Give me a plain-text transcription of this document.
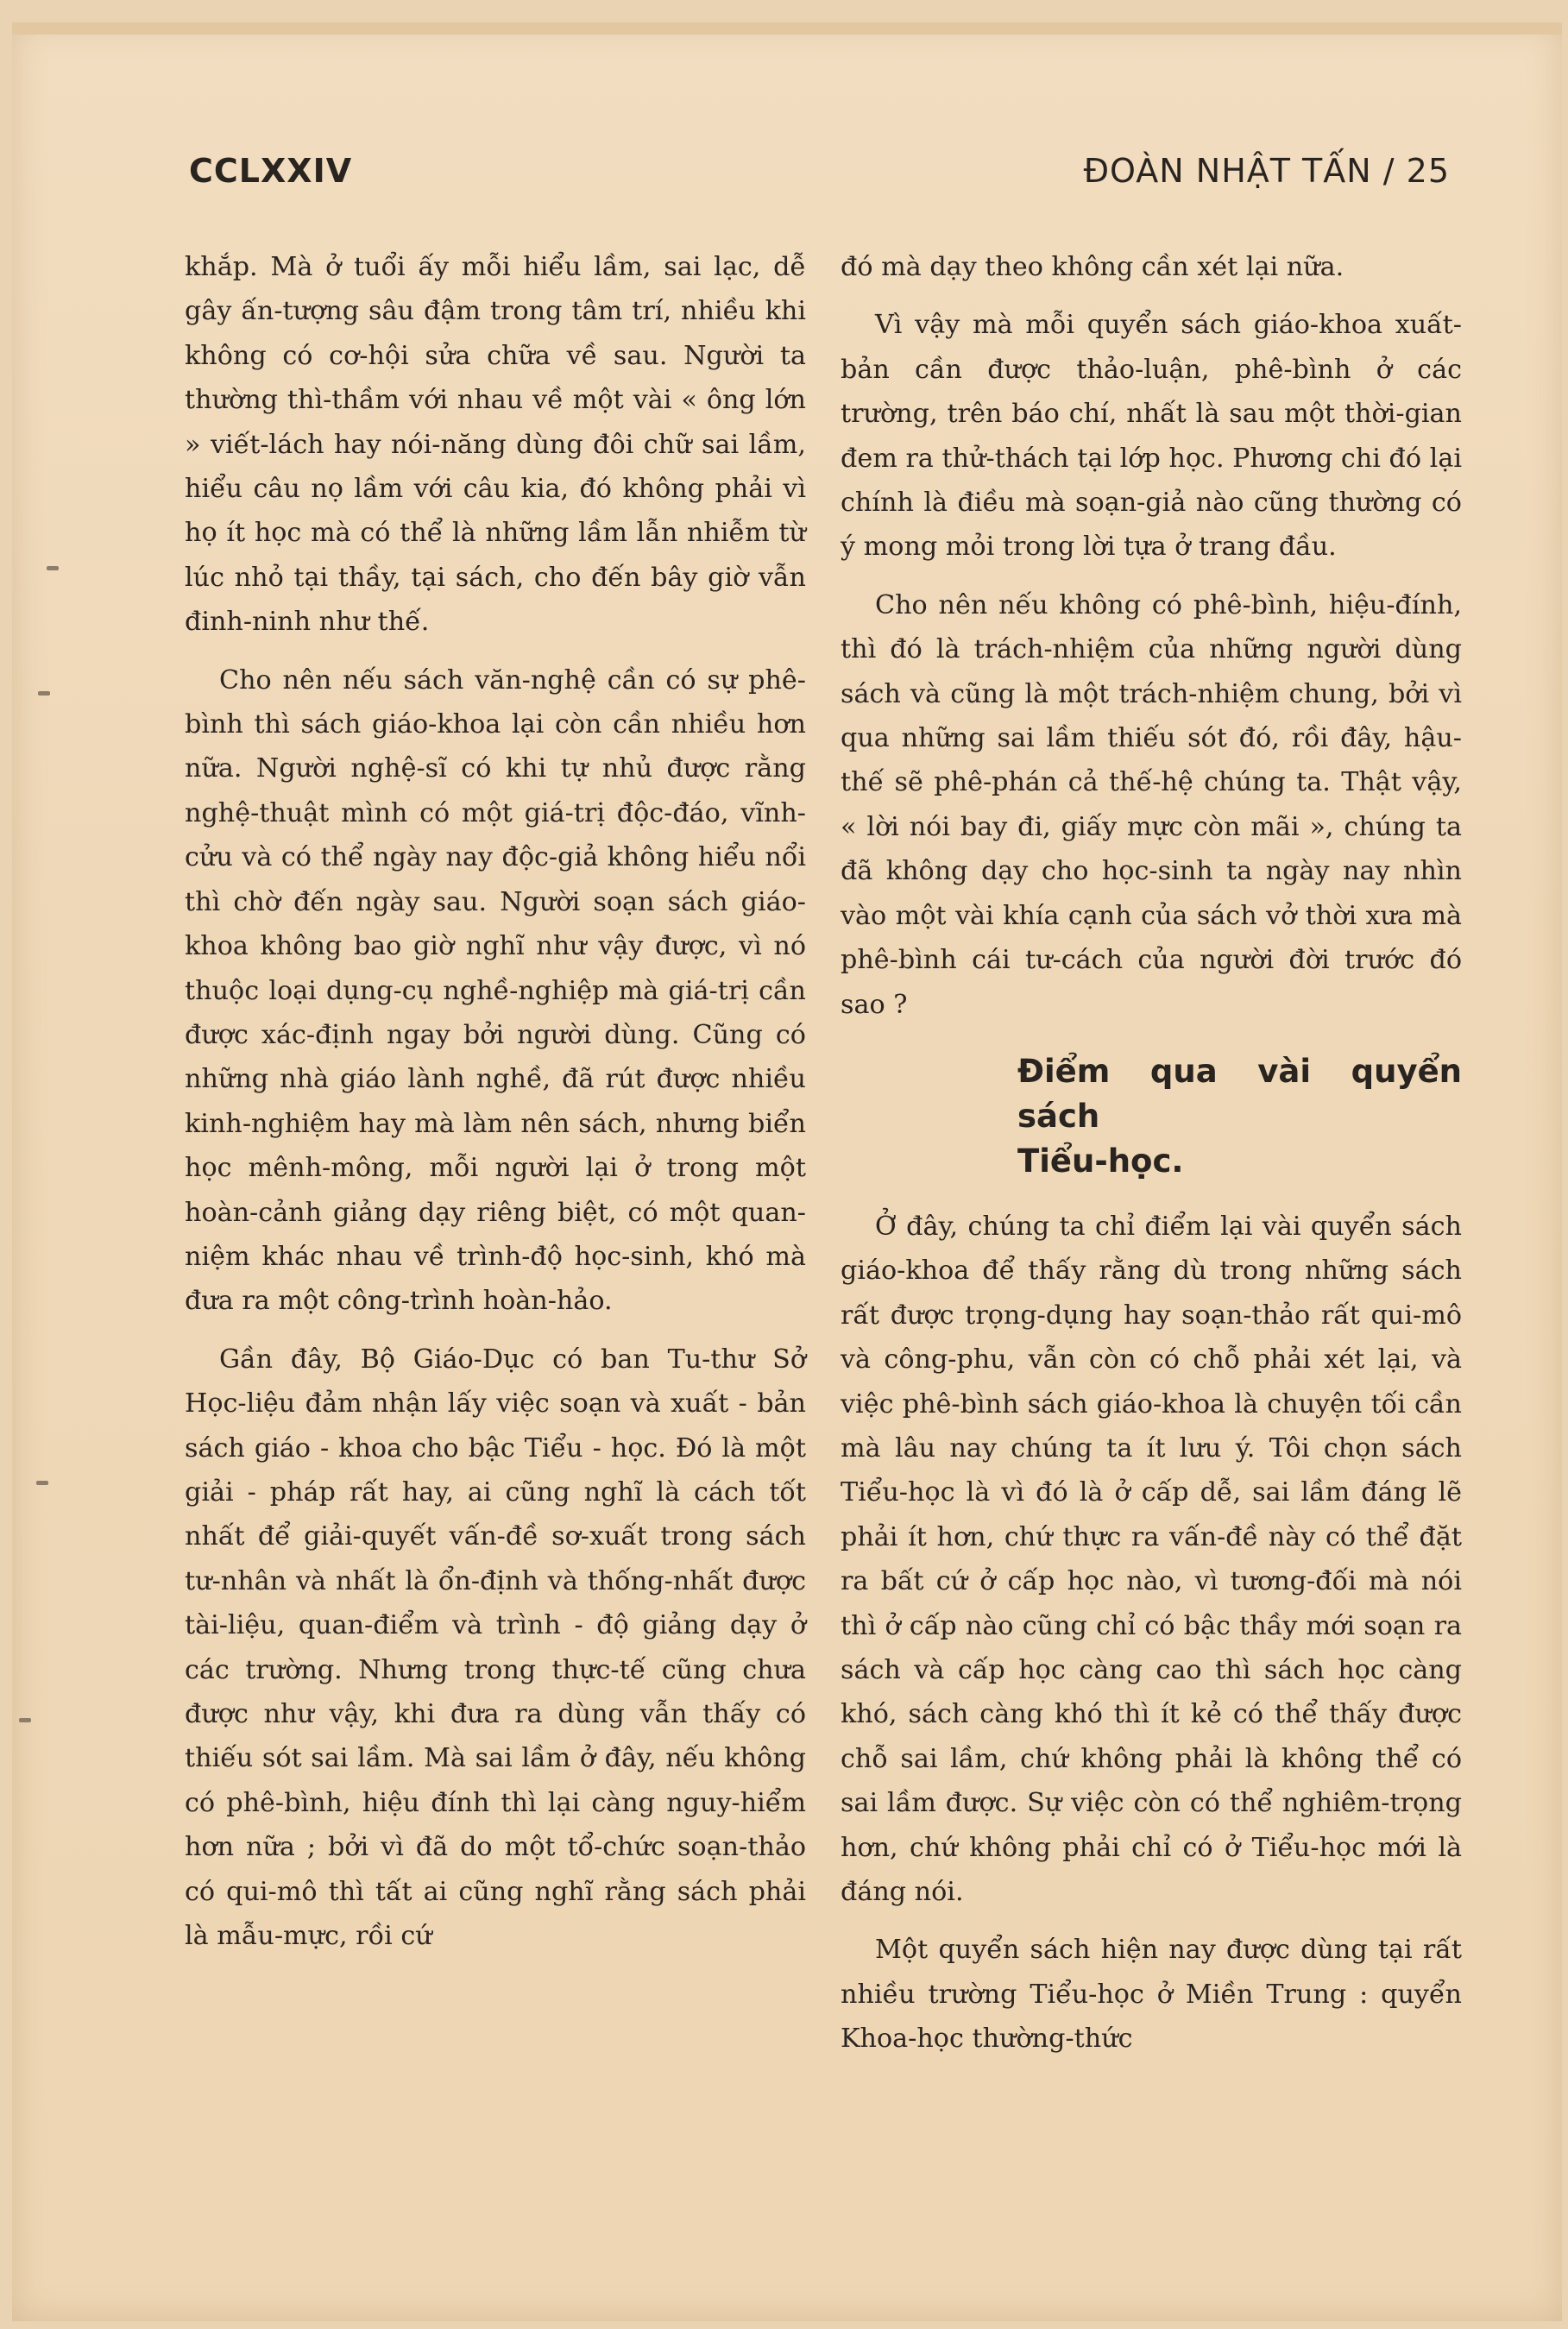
CCLXXIV	ĐOÀN NHẬT TẤN / 25

khắp. Mà ở tuổi ấy mỗi hiểu lầm, sai lạc, dễ gây ấn-tượng sâu đậm trong tâm trí, nhiều khi không có cơ-hội sửa chữa về sau. Người ta thường thì-thầm với nhau về một vài « ông lớn » viết-lách hay nói-năng dùng đôi chữ sai lầm, hiểu câu nọ lầm với câu kia, đó không phải vì họ ít học mà có thể là những lầm lẫn nhiễm từ lúc nhỏ tại thầy, tại sách, cho đến bây giờ vẫn đinh-ninh như thế.

Cho nên nếu sách văn-nghệ cần có sự phê-bình thì sách giáo-khoa lại còn cần nhiều hơn nữa. Người nghệ-sĩ có khi tự nhủ được rằng nghệ-thuật mình có một giá-trị độc-đáo, vĩnh-cửu và có thể ngày nay độc-giả không hiểu nổi thì chờ đến ngày sau. Người soạn sách giáo-khoa không bao giờ nghĩ như vậy được, vì nó thuộc loại dụng-cụ nghề-nghiệp mà giá-trị cần được xác-định ngay bởi người dùng. Cũng có những nhà giáo lành nghề, đã rút được nhiều kinh-nghiệm hay mà làm nên sách, nhưng biển học mênh-mông, mỗi người lại ở trong một hoàn-cảnh giảng dạy riêng biệt, có một quan-niệm khác nhau về trình-độ học-sinh, khó mà đưa ra một công-trình hoàn-hảo.

Gần đây, Bộ Giáo-Dục có ban Tu-thư Sở Học-liệu đảm nhận lấy việc soạn và xuất - bản sách giáo - khoa cho bậc Tiểu - học. Đó là một giải - pháp rất hay, ai cũng nghĩ là cách tốt nhất để giải-quyết vấn-đề sơ-xuất trong sách tư-nhân và nhất là ổn-định và thống-nhất được tài-liệu, quan-điểm và trình - độ giảng dạy ở các trường. Nhưng trong thực-tế cũng chưa được như vậy, khi đưa ra dùng vẫn thấy có thiếu sót sai lầm. Mà sai lầm ở đây, nếu không có phê-bình, hiệu đính thì lại càng nguy-hiểm hơn nữa ; bởi vì đã do một tổ-chức soạn-thảo có qui-mô thì tất ai cũng nghĩ rằng sách phải là mẫu-mực, rồi cứ

đó mà dạy theo không cần xét lại nữa.

Vì vậy mà mỗi quyển sách giáo-khoa xuất-bản cần được thảo-luận, phê-bình ở các trường, trên báo chí, nhất là sau một thời-gian đem ra thử-thách tại lớp học. Phương chi đó lại chính là điều mà soạn-giả nào cũng thường có ý mong mỏi trong lời tựa ở trang đầu.

Cho nên nếu không có phê-bình, hiệu-đính, thì đó là trách-nhiệm của những người dùng sách và cũng là một trách-nhiệm chung, bởi vì qua những sai lầm thiếu sót đó, rồi đây, hậu-thế sẽ phê-phán cả thế-hệ chúng ta. Thật vậy, « lời nói bay đi, giấy mực còn mãi », chúng ta đã không dạy cho học-sinh ta ngày nay nhìn vào một vài khía cạnh của sách vở thời xưa mà phê-bình cái tư-cách của người đời trước đó sao ?

Điểm qua vài quyển sách
Tiểu-học.

Ở đây, chúng ta chỉ điểm lại vài quyển sách giáo-khoa để thấy rằng dù trong những sách rất được trọng-dụng hay soạn-thảo rất qui-mô và công-phu, vẫn còn có chỗ phải xét lại, và việc phê-bình sách giáo-khoa là chuyện tối cần mà lâu nay chúng ta ít lưu ý. Tôi chọn sách Tiểu-học là vì đó là ở cấp dễ, sai lầm đáng lẽ phải ít hơn, chứ thực ra vấn-đề này có thể đặt ra bất cứ ở cấp học nào, vì tương-đối mà nói thì ở cấp nào cũng chỉ có bậc thầy mới soạn ra sách và cấp học càng cao thì sách học càng khó, sách càng khó thì ít kẻ có thể thấy được chỗ sai lầm, chứ không phải là không thể có sai lầm được. Sự việc còn có thể nghiêm-trọng hơn, chứ không phải chỉ có ở Tiểu-học mới là đáng nói.

Một quyển sách hiện nay được dùng tại rất nhiều trường Tiểu-học ở Miền Trung : quyển Khoa-học thường-thức
